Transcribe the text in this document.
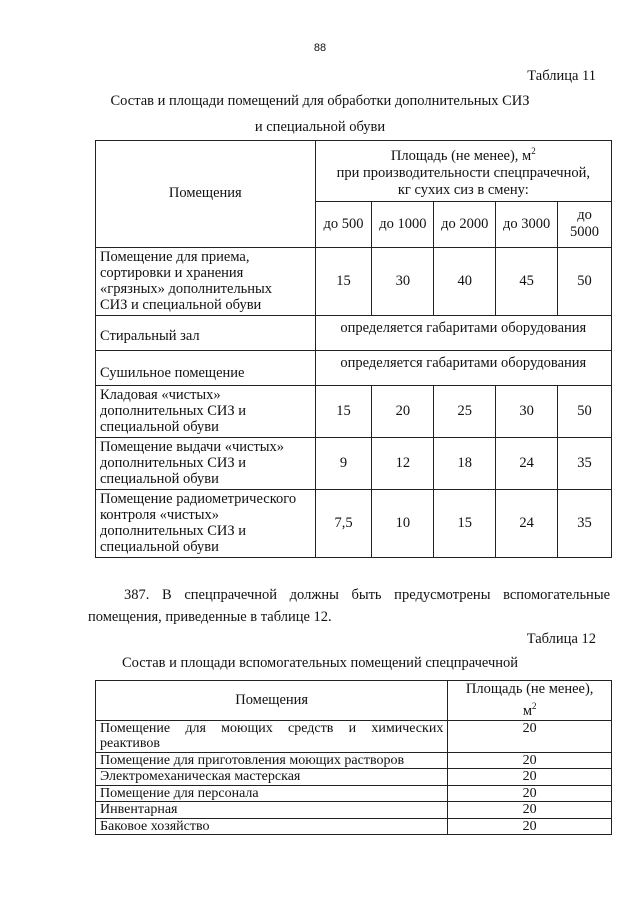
88
Таблица 11
Состав и площади помещений для обработки дополнительных СИЗ
и специальной обуви
Помещения	Площадь (не менее), $м^2$
при производительности спецпрачечной,
кг сухих сиз в смену:				

	до 500	до 1000	до 2000	до 3000	до 5000

Помещение для приема,
сортировки и хранения
«грязных» дополнительных
СИЗ и специальной обуви	15	30	40	45	50
Стиральный зал	определяется габаритами оборудования				
Сушильное помещение	определяется габаритами оборудования				

Кладовая «чистых»
дополнительных СИЗ и
специальной обуви	15	20	25	30	50

Помещение выдачи «чистых»
дополнительных СИЗ и
специальной обуви	9	12	18	24	35

Помещение радиометрического
контроля «чистых»
дополнительных СИЗ и
специальной обуви	7,5	10	15	24	35
387. В спецпрачечной должны быть предусмотрены вспомогательные
помещения, приведенные в таблице 12.
Таблица 12
Состав и площади вспомогательных помещений спецпрачечной
Помещения	Площадь (не менее),
$м^2$

Помещение для моющих средств и химических
реактивов	20
Помещение для приготовления моющих растворов	20
Электромеханическая мастерская	20
Помещение для персонала	20
Инвентарная	20
Баковое хозяйство	20
